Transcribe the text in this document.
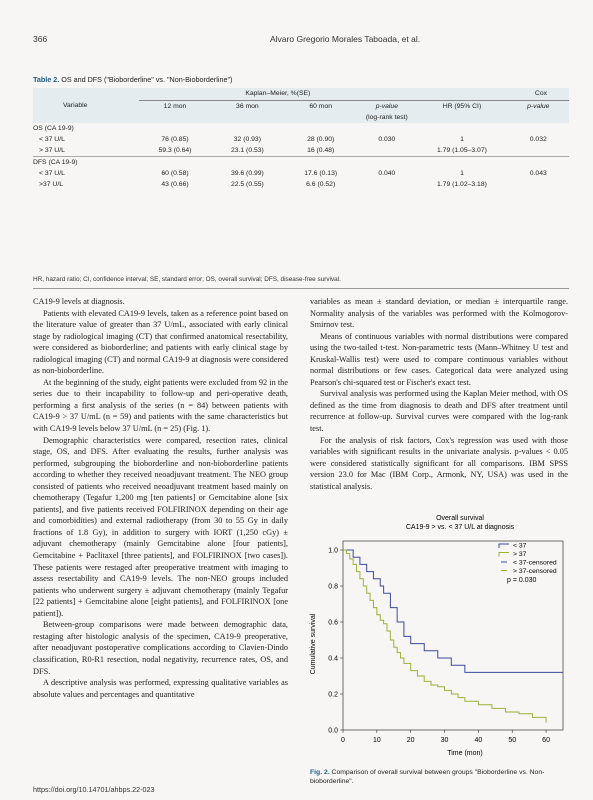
366	Alvaro Gregorio Morales Taboada, et al.
Table 2. OS and DFS ("Bioborderline" vs. "Non-Bioborderline")
Variable	Kaplan–Meier, %(SE)				Cox	
	12 mon	36 mon	60 mon	p-value	HR (95% CI)	p-value
				(log-rank test)		
OS (CA 19-9)						
< 37 U/L	76 (0.85)	32 (0.93)	28 (0.90)	0.030	1	0.032
> 37 U/L	59.3 (0.64)	23.1 (0.53)	16 (0.48)		1.79 (1.05–3.07)	
DFS (CA 19-9)						
< 37 U/L	60 (0.58)	39.6 (0.99)	17.6 (0.13)	0.040	1	0.043
>37 U/L	43 (0.66)	22.5 (0.55)	6.6 (0.52)		1.79 (1.02–3.18)	
HR, hazard ratio; CI, confidence interval; SE, standard error; OS, overall survival; DFS, disease-free survival.

CA19-9 levels at diagnosis.

Patients with elevated CA19-9 levels, taken as a reference point based on the literature value of greater than 37 U/mL, associated with early clinical stage by radiological imaging (CT) that confirmed anatomical resectability, were considered as bioborderline; and patients with early clinical stage by radiological imaging (CT) and normal CA19-9 at diagnosis were considered as non-bioborderline.

At the beginning of the study, eight patients were excluded from 92 in the series due to their incapability to follow-up and peri-operative death, performing a first analysis of the series (n = 84) between patients with CA19-9 > 37 U/mL (n = 59) and patients with the same characteristics but with CA19-9 levels below 37 U/mL (n = 25) (Fig. 1).

Demographic characteristics were compared, resection rates, clinical stage, OS, and DFS. After evaluating the results, further analysis was performed, subgrouping the bioborderline and non-bioborderline patients according to whether they received neoadjuvant treatment. The NEO group consisted of patients who received neoadjuvant treatment based mainly on chemotherapy (Tegafur 1,200 mg [ten patients] or Gemcitabine alone [six patients], and five patients received FOLFIRINOX depending on their age and comorbidities) and external radiotherapy (from 30 to 55 Gy in daily fractions of 1.8 Gy), in addition to surgery with IORT (1,250 cGy) ± adjuvant chemotherapy (mainly Gemcitabine alone [four patients], Gemcitabine + Paclitaxel [three patients], and FOLFIRINOX [two cases]). These patients were restaged after preoperative treatment with imaging to assess resectability and CA19-9 levels. The non-NEO groups included patients who underwent surgery ± adjuvant chemotherapy (mainly Tegafur [22 patients] + Gemcitabine alone [eight patients], and FOLFIRINOX [one patient]).

Between-group comparisons were made between demographic data, restaging after histologic analysis of the specimen, CA19-9 preoperative, after neoadjuvant postoperative complications according to Clavien-Dindo classification, R0-R1 resection, nodal negativity, recurrence rates, OS, and DFS.

A descriptive analysis was performed, expressing qualitative variables as absolute values and percentages and quantitative

variables as mean ± standard deviation, or median ± interquartile range. Normality analysis of the variables was performed with the Kolmogorov-Smirnov test.

Means of continuous variables with normal distributions were compared using the two-tailed t-test. Non-parametric tests (Mann–Whitney U test and Kruskal-Wallis test) were used to compare continuous variables without normal distributions or few cases. Categorical data were analyzed using Pearson's chi-squared test or Fischer's exact test.

Survival analysis was performed using the Kaplan Meier method, with OS defined as the time from diagnosis to death and DFS after treatment until recurrence at follow-up. Survival curves were compared with the log-rank test.

For the analysis of risk factors, Cox's regression was used with those variables with significant results in the univariate analysis. p-values < 0.05 were considered statistically significant for all comparisons. IBM SPSS version 23.0 for Mac (IBM Corp., Armonk, NY, USA) was used in the statistical analysis.

Overall survival
CA19-9 > vs. < 37 U/L at diagnosis
Cumulative survival
Time (mon)
p = 0.030
0	10	20	30	40	50	60
0.0
0.2
0.4
0.6
0.8
1.0
< 37
> 37
< 37-censored
> 37-censored
Fig. 2. Comparison of overall survival between groups "Bioborderline vs. Non-bioborderline".
https://doi.org/10.14701/ahbps.22-023
